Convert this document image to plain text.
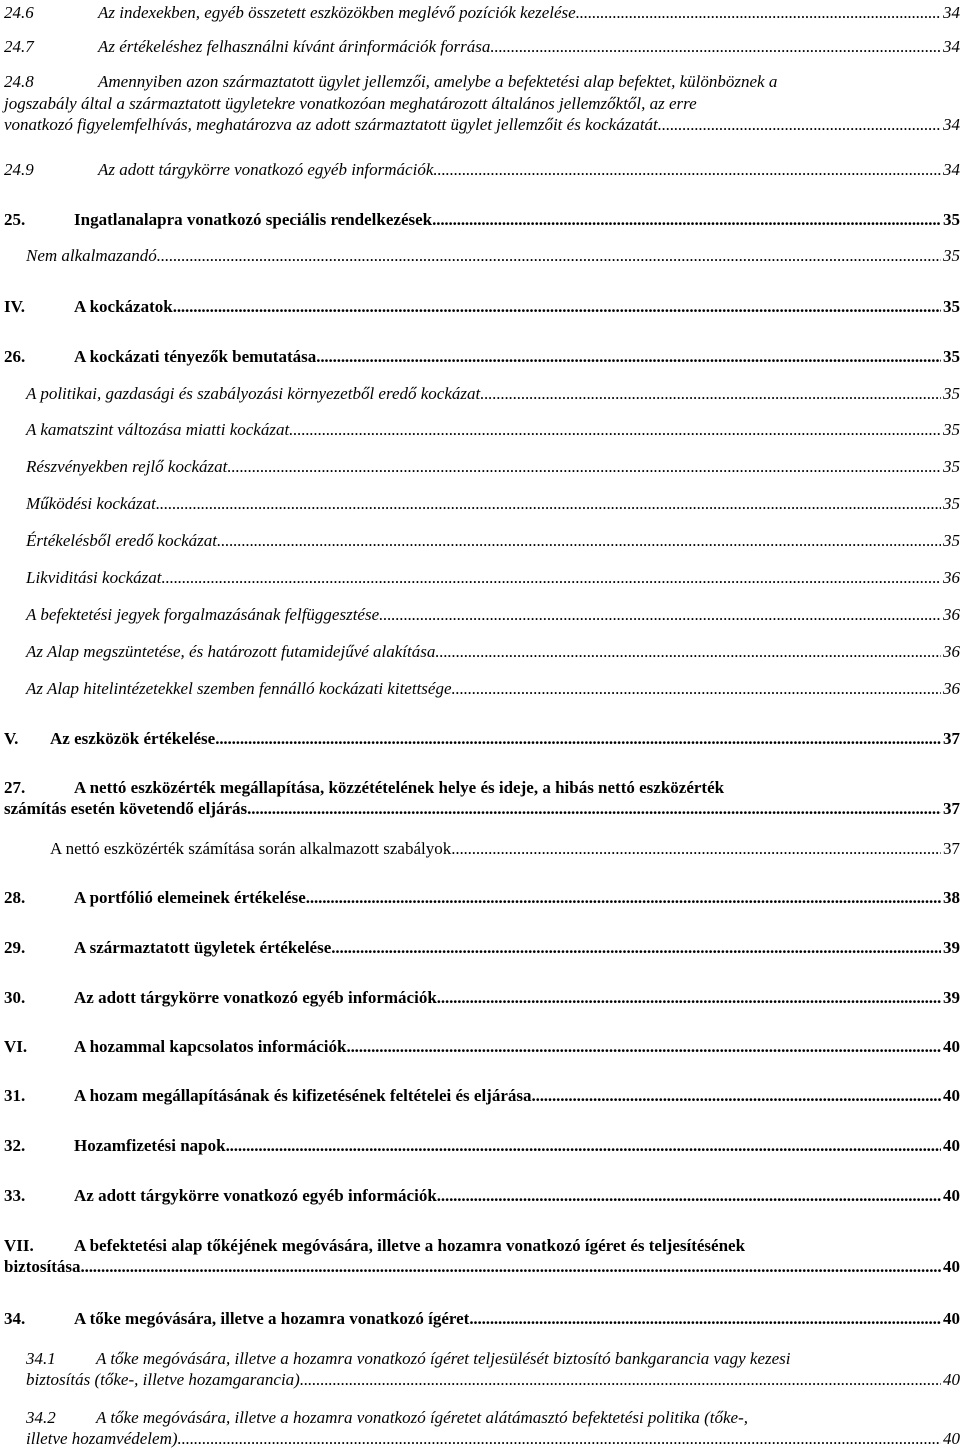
24.6	Az indexekben, egyéb összetett eszközökben meglévő pozíciók kezelése . . .	34
24.7	Az értékeléshez felhasználni kívánt árinformációk forrása . . .	34
24.8	Amennyiben azon származtatott ügylet jellemzői, amelybe a befektetési alap befektet, különböznek a
jogszabály által a származtatott ügyletekre vonatkozóan meghatározott általános jellemzőktől, az erre
vonatkozó figyelemfelhívás, meghatározva az adott származtatott ügylet jellemzőit és kockázatát . . .	34
24.9	Az adott tárgykörre vonatkozó egyéb információk . . .	34
25.	Ingatlanalapra vonatkozó speciális rendelkezések . . .	35
Nem alkalmazandó . . .	35
IV.	A kockázatok . . .	35
26.	A kockázati tényezők bemutatása . . .	35
A politikai, gazdasági és szabályozási környezetből eredő kockázat . . .	35
A kamatszint változása miatti kockázat . . .	35
Részvényekben rejlő kockázat . . .	35
Működési kockázat . . .	35
Értékelésből eredő kockázat . . .	35
Likviditási kockázat . . .	36
A befektetési jegyek forgalmazásának felfüggesztése . . .	36
Az Alap megszüntetése, és határozott futamidejűvé alakítása . . .	36
Az Alap hitelintézetekkel szemben fennálló kockázati kitettsége . . .	36
V.	Az eszközök értékelése . . .	37
27.	A nettó eszközérték megállapítása, közzétételének helye és ideje, a hibás nettó eszközérték
számítás esetén követendő eljárás . . .	37
A nettó eszközérték számítása során alkalmazott szabályok . . .	37
28.	A portfólió elemeinek értékelése . . .	38
29.	A származtatott ügyletek értékelése . . .	39
30.	Az adott tárgykörre vonatkozó egyéb információk . . .	39
VI.	A hozammal kapcsolatos információk . . .	40
31.	A hozam megállapításának és kifizetésének feltételei és eljárása . . .	40
32.	Hozamfizetési napok . . .	40
33.	Az adott tárgykörre vonatkozó egyéb információk . . .	40
VII. A befektetési alap tőkéjének megóvására, illetve a hozamra vonatkozó ígéret és teljesítésének
biztosítása . . .	40
34.	A tőke megóvására, illetve a hozamra vonatkozó ígéret . . .	40
34.1 A tőke megóvására, illetve a hozamra vonatkozó ígéret teljesülését biztosító bankgarancia vagy kezesi
biztosítás (tőke-, illetve hozamgarancia) . . .	40
34.2 A tőke megóvására, illetve a hozamra vonatkozó ígéretet alátámasztó befektetési politika (tőke-,
illetve hozamvédelem) . . .	40
